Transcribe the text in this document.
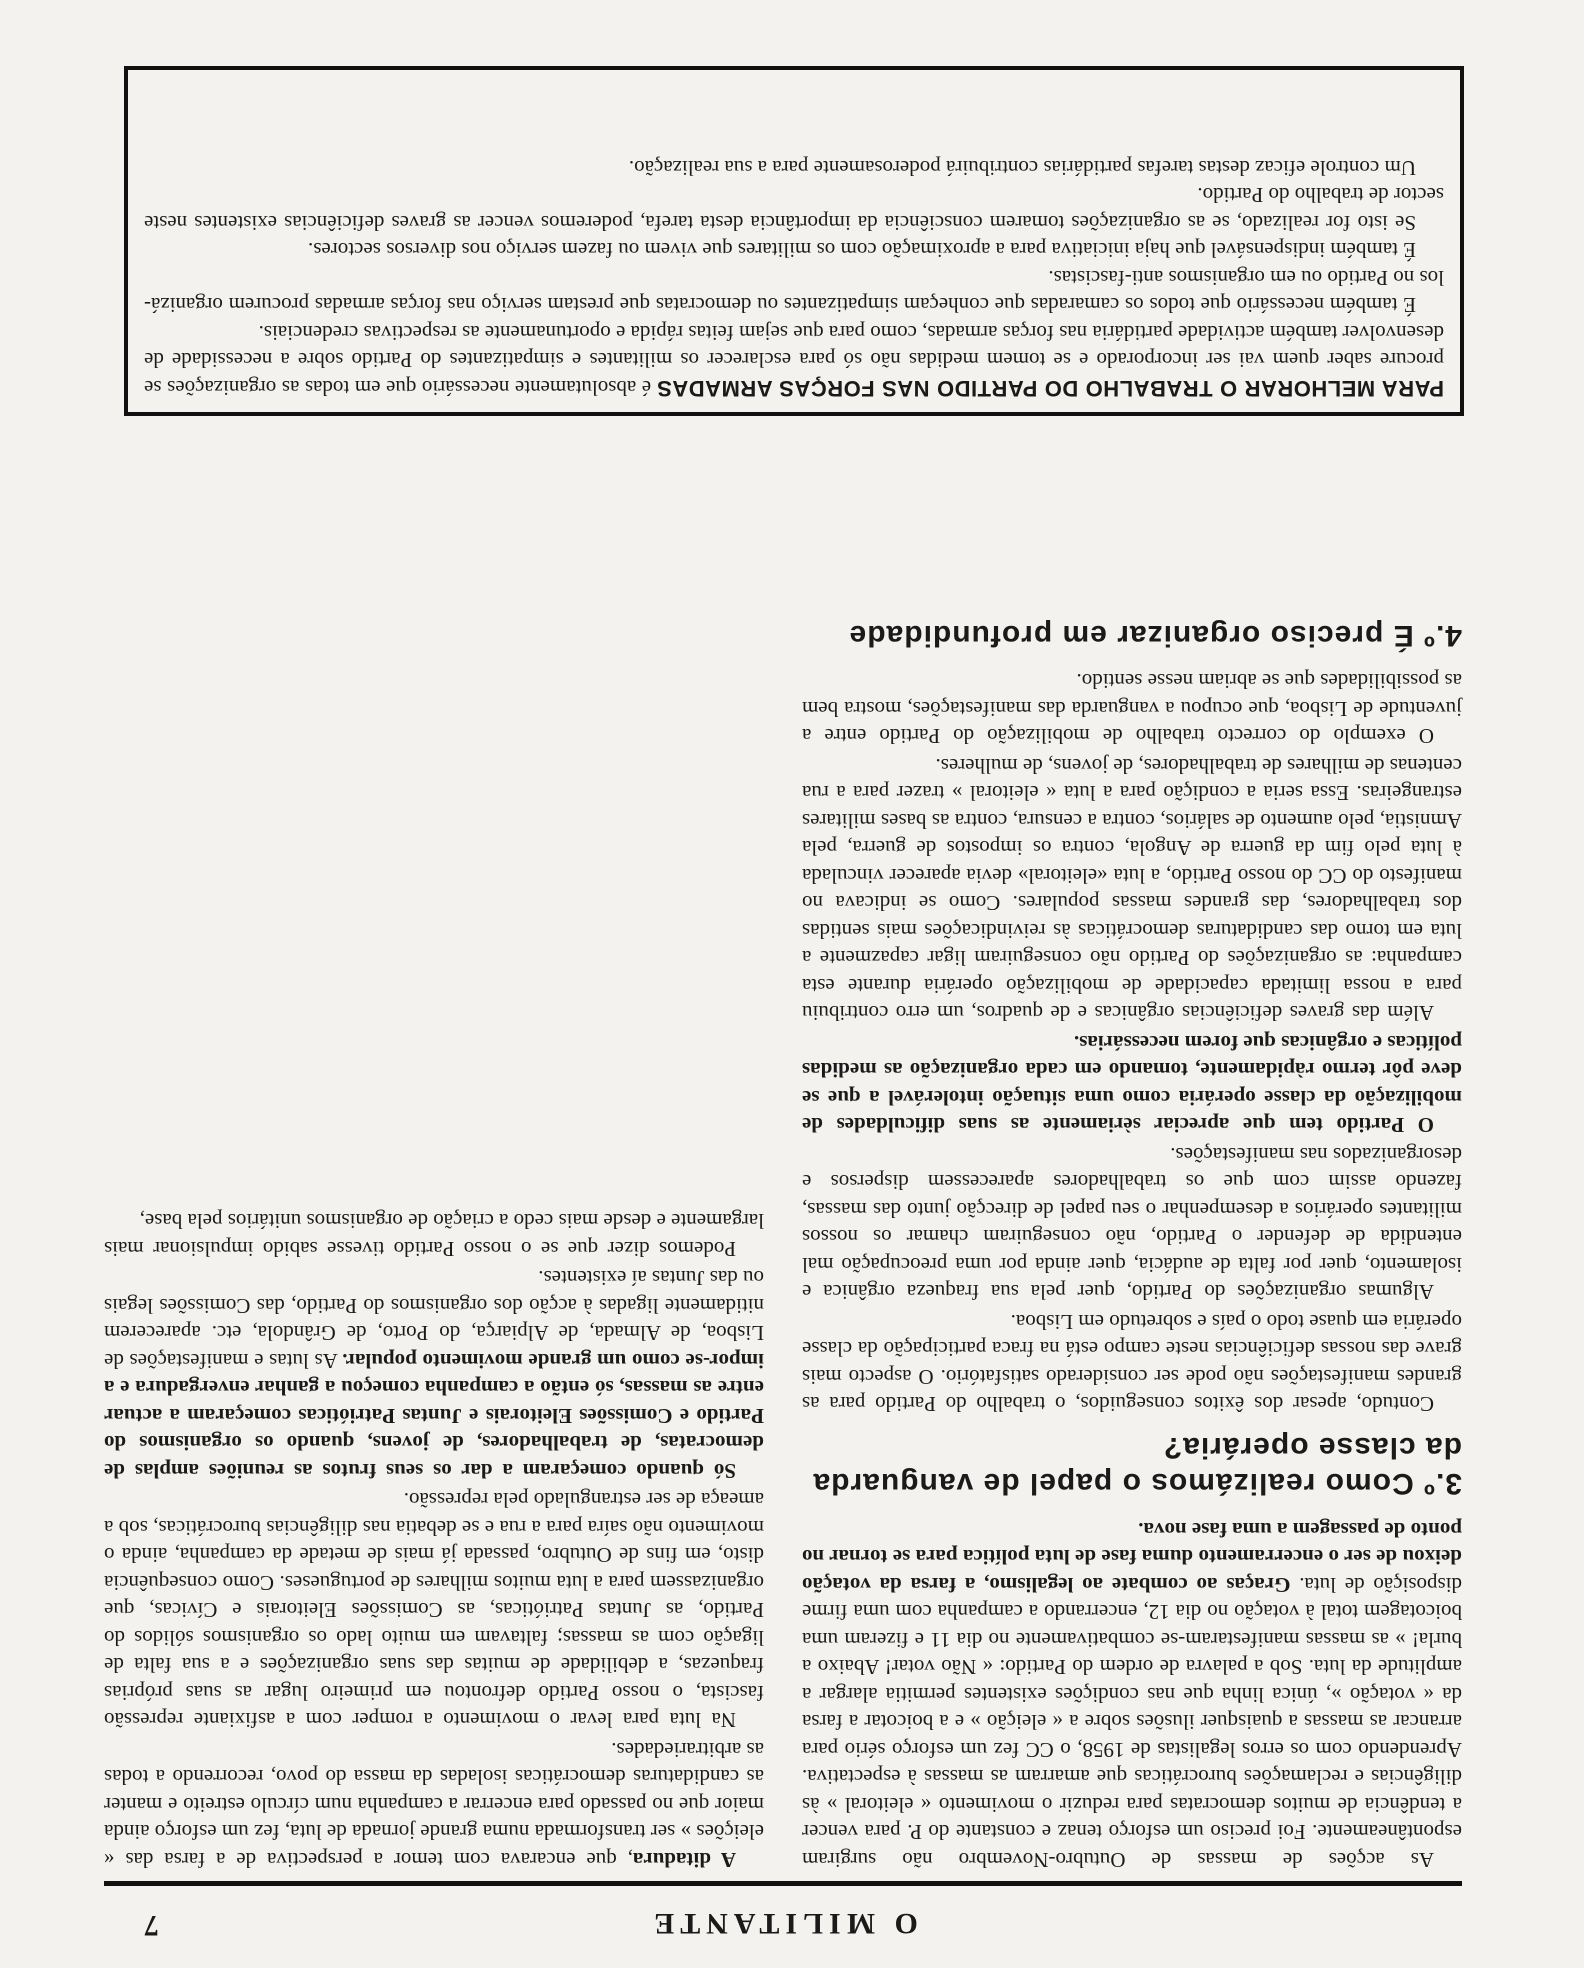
O MILITANTE
7

As acções de massas de Outubro-Novembro não surgiram espontâneamente. Foi preciso um esforço tenaz e constante do P. para vencer a tendência de muitos democratas para reduzir o movimento « eleitoral » às diligências e reclamações burocráticas que amarram as massas à espectativa. Aprendendo com os erros legalistas de 1958, o CC fez um esforço sério para arrancar as massas a quaisquer ilusões sobre a « eleição » e a boicotar a farsa da « votação », única linha que nas condições existentes permitia alargar a amplitude da luta. Sob a palavra de ordem do Partido: « Não votar! Abaixo a burla! » as massas manifestaram-se combativamente no dia 11 e fizeram uma boicotagem total à votação no dia 12, encerrando a campanha com uma firme disposição de luta. Graças ao combate ao legalismo, a farsa da votação deixou de ser o encerramento duma fase de luta política para se tornar no ponto de passagem a uma fase nova.

3.º Como realizámos o papel de vanguarda da classe operária?

Contudo, apesar dos êxitos conseguidos, o trabalho do Partido para as grandes manifestações não pode ser considerado satisfatório. O aspecto mais grave das nossas deficiências neste campo está na fraca participação da classe operária em quase todo o país e sobretudo em Lisboa.

Algumas organizações do Partido, quer pela sua fraqueza orgânica e isolamento, quer por falta de audácia, quer ainda por uma preocupação mal entendida de defender o Partido, não conseguiram chamar os nossos militantes operários a desempenhar o seu papel de direcção junto das massas, fazendo assim com que os trabalhadores aparecessem dispersos e desorganizados nas manifestações.

O Partido tem que apreciar sèriamente as suas dificuldades de mobilização da classe operária como uma situação intolerável a que se deve pôr termo ràpidamente, tomando em cada organização as medidas políticas e orgânicas que forem necessárias.

Além das graves deficiências orgânicas e de quadros, um erro contribuiu para a nossa limitada capacidade de mobilização operária durante esta campanha: as organizações do Partido não conseguiram ligar capazmente a luta em torno das candidaturas democráticas às reivindicações mais sentidas dos trabalhadores, das grandes massas populares. Como se indicava no manifesto do CC do nosso Partido, a luta «eleitoral» devia aparecer vinculada à luta pelo fim da guerra de Angola, contra os impostos de guerra, pela Amnistia, pelo aumento de salários, contra a censura, contra as bases militares estrangeiras. Essa seria a condição para a luta « eleitoral » trazer para a rua centenas de milhares de trabalhadores, de jovens, de mulheres.

O exemplo do correcto trabalho de mobilização do Partido entre a juventude de Lisboa, que ocupou a vanguarda das manifestações, mostra bem as possibilidades que se abriam nesse sentido.

4.º É preciso organizar em profundidade

A ditadura, que encarava com temor a perspectiva de a farsa das « eleições » ser transformada numa grande jornada de luta, fez um esforço ainda maior que no passado para encerrar a campanha num círculo estreito e manter as candidaturas democráticas isoladas da massa do povo, recorrendo a todas as arbitrariedades.

Na luta para levar o movimento a romper com a asfixiante repressão fascista, o nosso Partido defrontou em primeiro lugar as suas próprias fraquezas, a debilidade de muitas das suas organizações e a sua falta de ligação com as massas; faltavam em muito lado os organismos sólidos do Partido, as Juntas Patrióticas, as Comissões Eleitorais e Cívicas, que organizassem para a luta muitos milhares de portugueses. Como consequência disto, em fins de Outubro, passada já mais de metade da campanha, ainda o movimento não saíra para a rua e se debatia nas diligências burocráticas, sob a ameaça de ser estrangulado pela repressão.

Só quando começaram a dar os seus frutos as reuniões amplas de democratas, de trabalhadores, de jovens, quando os organismos do Partido e Comissões Eleitorais e Juntas Patrióticas começaram a actuar entre as massas, só então a campanha começou a ganhar envergadura e a impor-se como um grande movimento popular. As lutas e manifestações de Lisboa, de Almada, de Alpiarça, do Porto, de Grândola, etc. aparecerem nitidamente ligadas à acção dos organismos do Partido, das Comissões legais ou das Juntas aí existentes.

Podemos dizer que se o nosso Partido tivesse sabido impulsionar mais largamente e desde mais cedo a criação de organismos unitários pela base,

PARA MELHORAR O TRABALHO DO PARTIDO NAS FORÇAS ARMADAS é absolutamente necessário que em todas as organizações se procure saber quem vai ser incorporado e se tomem medidas não só para esclarecer os militantes e simpatizantes do Partido sobre a necessidade de desenvolver também actividade partidária nas forças armadas, como para que sejam feitas rápida e oportunamente as respectivas credenciais.

É também necessário que todos os camaradas que conheçam simpatizantes ou democratas que prestam serviço nas forças armadas procurem organizá-los no Partido ou em organismos anti-fascistas.

É também indispensável que haja iniciativa para a aproximação com os militares que vivem ou fazem serviço nos diversos sectores.

Se isto for realizado, se as organizações tomarem consciência da importância desta tarefa, poderemos vencer as graves deficiências existentes neste sector de trabalho do Partido.

Um controle eficaz destas tarefas partidárias contribuirá poderosamente para a sua realização.
